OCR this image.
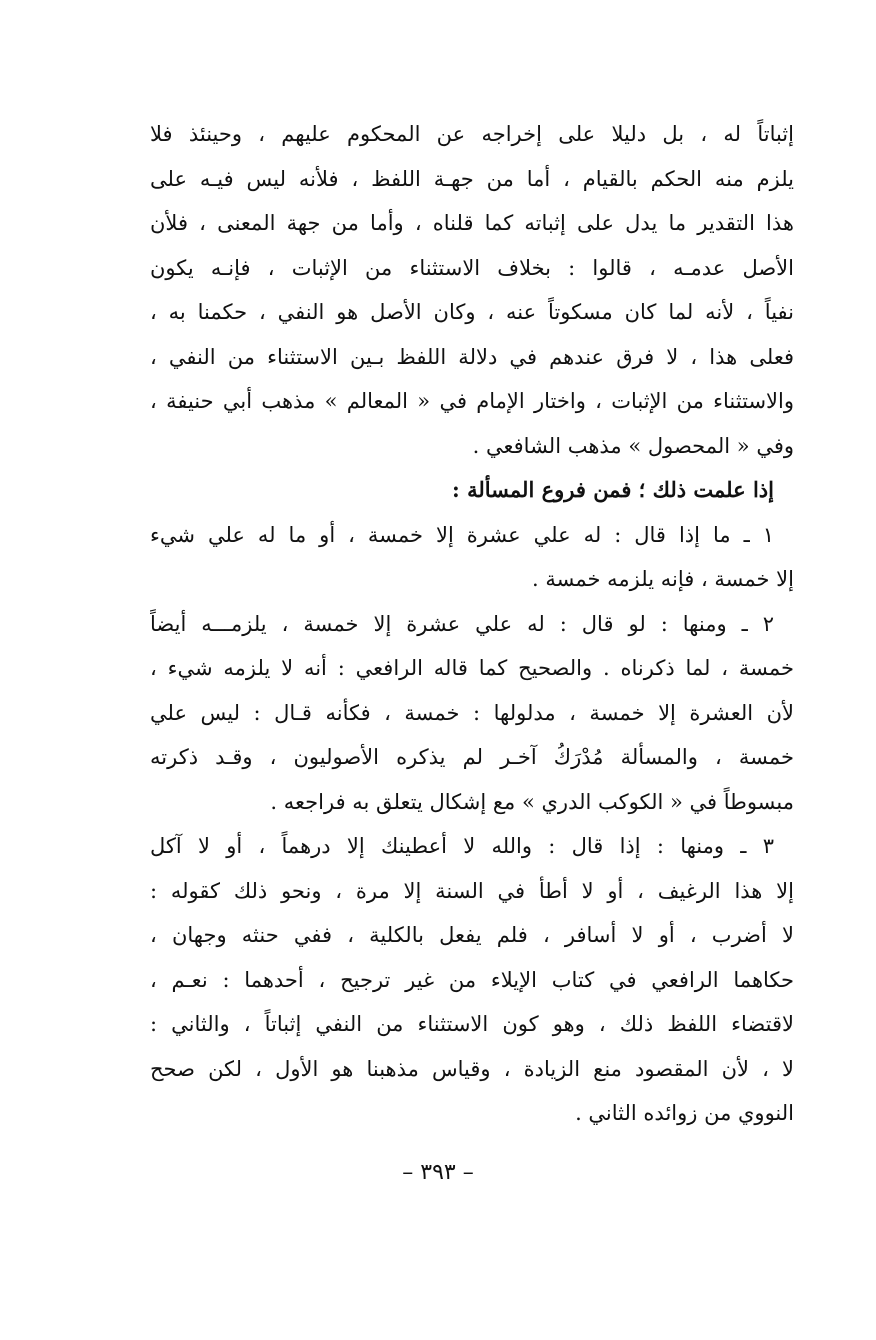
إثباتاً له ، بل دليلا على إخراجه عن المحكوم عليهم ، وحينئذ فلا
يلزم منه الحكم بالقيام ، أما من جهـة اللفظ ، فلأنه ليس فيـه على
هذا التقدير ما يدل على إثباته كما قلناه ، وأما من جهة المعنى ، فلأن
الأصل عدمـه ، قالوا : بخلاف الاستثناء من الإثبات ، فإنـه يكون
نفياً ، لأنه لما كان مسكوتاً عنه ، وكان الأصل هو النفي ، حكمنا به ،
فعلى هذا ، لا فرق عندهم في دلالة اللفظ بـين الاستثناء من النفي ،
والاستثناء من الإثبات ، واختار الإمام في « المعالم » مذهب أبي حنيفة ،
وفي « المحصول » مذهب الشافعي .
إذا علمت ذلك ؛ فمن فروع المسألة :
١ ـ ما إذا قال : له علي عشرة إلا خمسة ، أو ما له علي شيء
إلا خمسة ، فإنه يلزمه خمسة .
٢ ـ ومنها : لو قال : له علي عشرة إلا خمسة ، يلزمـــه أيضاً
خمسة ، لما ذكرناه . والصحيح كما قاله الرافعي : أنه لا يلزمه شيء ،
لأن العشرة إلا خمسة ، مدلولها : خمسة ، فكأنه قـال : ليس علي
خمسة ، والمسألة مُدْرَكُ آخـر لم يذكره الأصوليون ، وقـد ذكرته
مبسوطاً في « الكوكب الدري » مع إشكال يتعلق به فراجعه .
٣ ـ ومنها : إذا قال : والله لا أعطينك إلا درهماً ، أو لا آكل
إلا هذا الرغيف ، أو لا أطأ في السنة إلا مرة ، ونحو ذلك كقوله :
لا أضرب ، أو لا أسافر ، فلم يفعل بالكلية ، ففي حنثه وجهان ،
حكاهما الرافعي في كتاب الإيلاء من غير ترجيح ، أحدهما : نعـم ،
لاقتضاء اللفظ ذلك ، وهو كون الاستثناء من النفي إثباتاً ، والثاني :
لا ، لأن المقصود منع الزيادة ، وقياس مذهبنا هو الأول ، لكن صحح
النووي من زوائده الثاني .
– ٣٩٣ –
